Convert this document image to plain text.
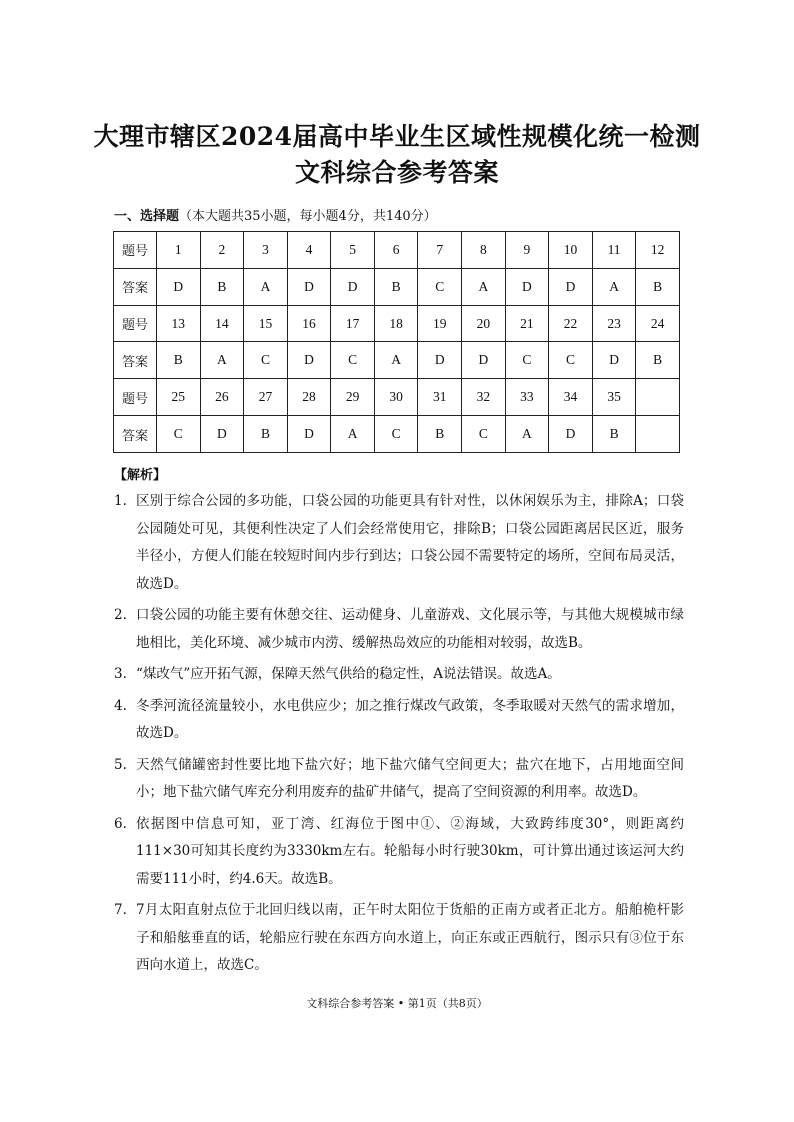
大理市辖区2024届高中毕业生区域性规模化统一检测
文科综合参考答案
一、选择题（本大题共35小题，每小题4分，共140分）
题号	1	2	3	4	5	6	7	8	9	10	11	12
答案	D	B	A	D	D	B	C	A	D	D	A	B
题号	13	14	15	16	17	18	19	20	21	22	23	24
答案	B	A	C	D	C	A	D	D	C	C	D	B
题号	25	26	27	28	29	30	31	32	33	34	35	
答案	C	D	B	D	A	C	B	C	A	D	B	
【解析】
1. 区别于综合公园的多功能，口袋公园的功能更具有针对性，以休闲娱乐为主，排除A；口袋公园随处可见，其便利性决定了人们会经常使用它，排除B；口袋公园距离居民区近，服务半径小，方便人们能在较短时间内步行到达；口袋公园不需要特定的场所，空间布局灵活，故选D。
2. 口袋公园的功能主要有休憩交往、运动健身、儿童游戏、文化展示等，与其他大规模城市绿地相比，美化环境、减少城市内涝、缓解热岛效应的功能相对较弱，故选B。
3. “煤改气”应开拓气源，保障天然气供给的稳定性，A说法错误。故选A。
4. 冬季河流径流量较小，水电供应少；加之推行煤改气政策，冬季取暖对天然气的需求增加，故选D。
5. 天然气储罐密封性要比地下盐穴好；地下盐穴储气空间更大；盐穴在地下，占用地面空间小；地下盐穴储气库充分利用废弃的盐矿井储气，提高了空间资源的利用率。故选D。
6. 依据图中信息可知，亚丁湾、红海位于图中①、②海域，大致跨纬度30°，则距离约111×30可知其长度约为3330km左右。轮船每小时行驶30km，可计算出通过该运河大约需要111小时，约4.6天。故选B。
7. 7月太阳直射点位于北回归线以南，正午时太阳位于货船的正南方或者正北方。船舶桅杆影子和船舷垂直的话，轮船应行驶在东西方向水道上，向正东或正西航行，图示只有③位于东西向水道上，故选C。
文科综合参考答案 • 第1页（共8页）
